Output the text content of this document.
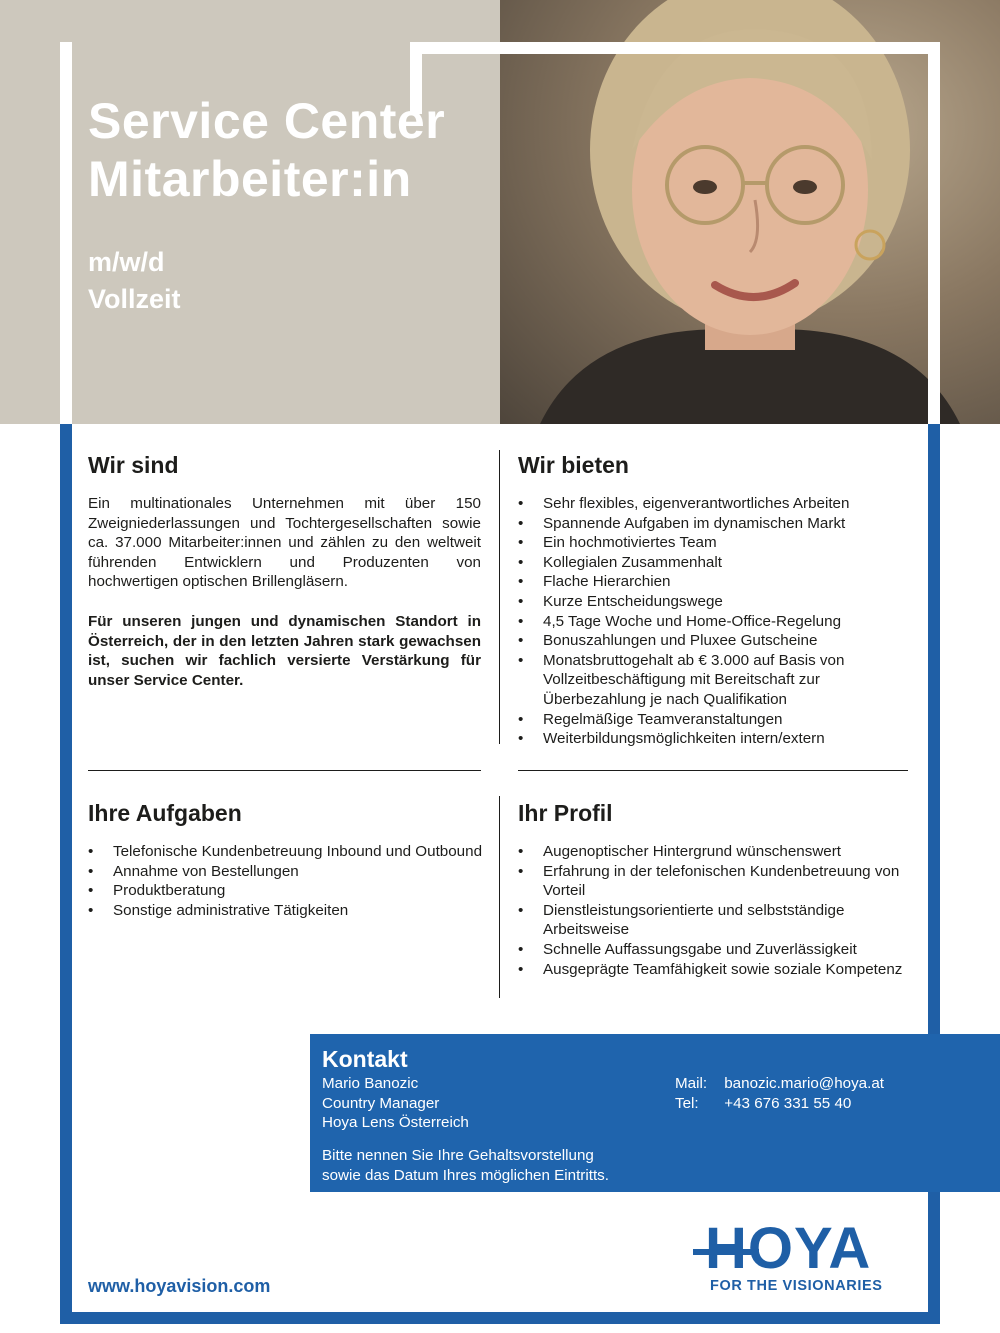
Service Center
Mitarbeiter:in
m/w/d
Vollzeit
Wir sind

Ein multinationales Unternehmen mit über 150 Zweigniederlassungen und Tochtergesellschaften sowie ca. 37.000 Mitarbeiter:innen und zählen zu den weltweit führenden Entwicklern und Produzenten von hochwertigen optischen Brillengläsern.

Für unseren jungen und dynamischen Standort in Österreich, der in den letzten Jahren stark gewachsen ist, suchen wir fachlich versierte Verstärkung für unser Service Center.

Wir bieten
• Sehr flexibles, eigenverantwortliches Arbeiten
• Spannende Aufgaben im dynamischen Markt
• Ein hochmotiviertes Team
• Kollegialen Zusammenhalt
• Flache Hierarchien
• Kurze Entscheidungswege
• 4,5 Tage Woche und Home-Office-Regelung
• Bonuszahlungen und Pluxee Gutscheine
• Monatsbruttogehalt ab € 3.000 auf Basis von Vollzeitbeschäftigung mit Bereitschaft zur Überbezahlung je nach Qualifikation
• Regelmäßige Teamveranstaltungen
• Weiterbildungsmöglichkeiten intern/extern
Ihre Aufgaben
• Telefonische Kundenbetreuung Inbound und Outbound
• Annahme von Bestellungen
• Produktberatung
• Sonstige administrative Tätigkeiten
Ihr Profil
• Augenoptischer Hintergrund wünschenswert
• Erfahrung in der telefonischen Kundenbetreuung von Vorteil
• Dienstleistungsorientierte und selbstständige Arbeitsweise
• Schnelle Auffassungsgabe und Zuverlässigkeit
• Ausgeprägte Teamfähigkeit sowie soziale Kompetenz
Kontakt
Mario Banozic
Country Manager
Hoya Lens Österreich
Mail: banozic.mario@hoya.at
Tel: +43 676 331 55 40
Bitte nennen Sie Ihre Gehaltsvorstellung
sowie das Datum Ihres möglichen Eintritts.
www.hoyavision.com
HOYA
FOR THE VISIONARIES
